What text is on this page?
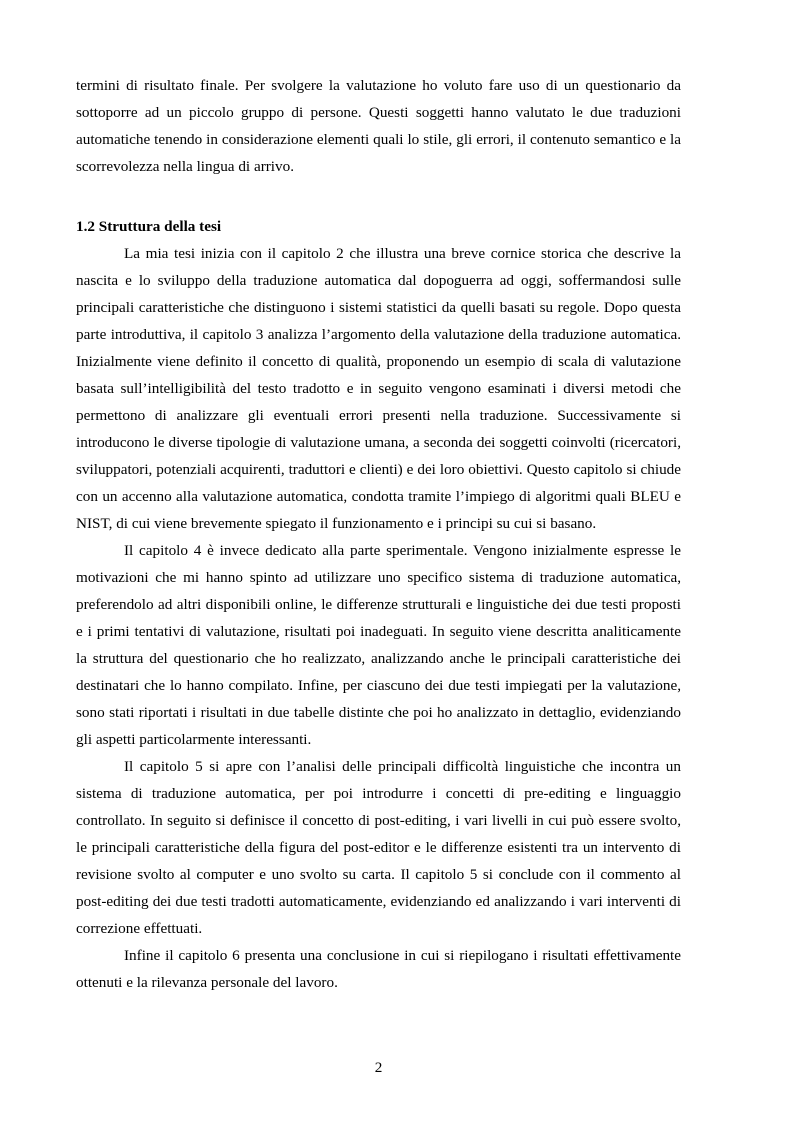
termini di risultato finale. Per svolgere la valutazione ho voluto fare uso di un questionario da sottoporre ad un piccolo gruppo di persone. Questi soggetti hanno valutato le due traduzioni automatiche tenendo in considerazione elementi quali lo stile, gli errori, il contenuto semantico e la scorrevolezza nella lingua di arrivo.

1.2 Struttura della tesi

La mia tesi inizia con il capitolo 2 che illustra una breve cornice storica che descrive la nascita e lo sviluppo della traduzione automatica dal dopoguerra ad oggi, soffermandosi sulle principali caratteristiche che distinguono i sistemi statistici da quelli basati su regole. Dopo questa parte introduttiva, il capitolo 3 analizza l’argomento della valutazione della traduzione automatica. Inizialmente viene definito il concetto di qualità, proponendo un esempio di scala di valutazione basata sull’intelligibilità del testo tradotto e in seguito vengono esaminati i diversi metodi che permettono di analizzare gli eventuali errori presenti nella traduzione. Successivamente si introducono le diverse tipologie di valutazione umana, a seconda dei soggetti coinvolti (ricercatori, sviluppatori, potenziali acquirenti, traduttori e clienti) e dei loro obiettivi. Questo capitolo si chiude con un accenno alla valutazione automatica, condotta tramite l’impiego di algoritmi quali BLEU e NIST, di cui viene brevemente spiegato il funzionamento e i principi su cui si basano.

Il capitolo 4 è invece dedicato alla parte sperimentale. Vengono inizialmente espresse le motivazioni che mi hanno spinto ad utilizzare uno specifico sistema di traduzione automatica, preferendolo ad altri disponibili online, le differenze strutturali e linguistiche dei due testi proposti e i primi tentativi di valutazione, risultati poi inadeguati. In seguito viene descritta analiticamente la struttura del questionario che ho realizzato, analizzando anche le principali caratteristiche dei destinatari che lo hanno compilato. Infine, per ciascuno dei due testi impiegati per la valutazione, sono stati riportati i risultati in due tabelle distinte che poi ho analizzato in dettaglio, evidenziando gli aspetti particolarmente interessanti.

Il capitolo 5 si apre con l’analisi delle principali difficoltà linguistiche che incontra un sistema di traduzione automatica, per poi introdurre i concetti di pre-editing e linguaggio controllato. In seguito si definisce il concetto di post-editing, i vari livelli in cui può essere svolto, le principali caratteristiche della figura del post-editor e le differenze esistenti tra un intervento di revisione svolto al computer e uno svolto su carta. Il capitolo 5 si conclude con il commento al post-editing dei due testi tradotti automaticamente, evidenziando ed analizzando i vari interventi di correzione effettuati.

Infine il capitolo 6 presenta una conclusione in cui si riepilogano i risultati effettivamente ottenuti e la rilevanza personale del lavoro.

2
